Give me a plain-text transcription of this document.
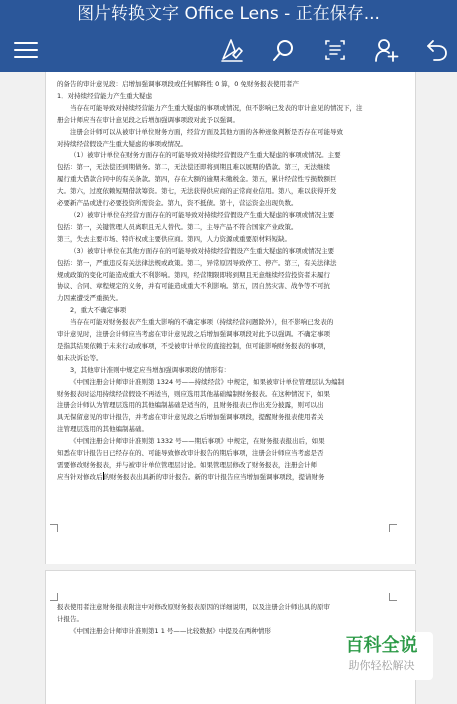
图片转换文字 Office Lens - 正在保存...

的备告的审计意见段：启增加强调事项段或任何解释性 0 算，0 免财务报表使用者产

1．对持续经营能力产生重大疑虑

当存在可能导致对持续经营能力产生重大疑虑的事项或情况，但不影响已发表的审计意见的情况下，注

册会计师应当在审计意见段之后增加强调事项段对此予以强调。

注册会计师可以从被审计单位财务方面，经营方面及其他方面的各种迹象判断是否存在可能导致

对持续经营假设产生重大疑虑的事项或情况。

（1）被审计单位在财务方面存在的可能导致对持续经营假设产生重大疑虑的事项或情况。主要

包括：第一，无法偿还到期债务。第二，无法偿还即将到期且难以展期的借款。第三，无法继续

履行重大借款合同中的有关条款。第四，存在大额的逾期未缴税金。第五，累计经营性亏损数额巨

大。第六，过度依赖短期借款筹资。第七，无法获得供应商的正常商业信用。第八，难以获得开发

必要新产品或进行必要投资所需资金。第九，资不抵债。第十，营运资金出现负数。

（2）被审计单位在经营方面存在的可能导致对持续经营假设产生重大疑虑的事项或情况主要

包括：第一，关键管理人员离职且无人替代。第二，主导产品不符合国家产业政策。

第三，失去主要市场、特许权或主要供应商。第四，人力资源或重要原材料短缺。

（3）被审计单位在其他方面存在的可能导致对持续经营假设产生重大疑虑的事项或情况主要

包括：第一，严重违反有关法律法规或政策。第二，异常原因导致停工、停产。第三，有关法律法

规或政策的变化可能造成重大不利影响。第四，经营期限即将到期且无意继续经营投资者未履行

协议、合同、章程规定的义务，并有可能造成重大不利影响。第五，因自然灾害、战争等不可抗

力因素遭受严重损失。

2，重大不确定事项

当存在可能对财务报表产生重大影响的不确定事项（持续经营问题除外），但不影响已发表的

审计意见时，注册会计师应当考虑在审计意见段之后增加强调事项段对此予以强调。不确定事项

是指其结果依赖于未来行动或事项，不受被审计单位的直接控制，但可能影响财务报表的事项，

如未决诉讼等。

3，其他审计准则中规定应当增加强调事项段的情形有：

《中国注册会计师审计准则第 1324 号——持续经营》中规定，如果被审计单位管理层认为编制

财务报表时运用持续经营假设不再适当，则应选用其他基础编制财务报表。在这种情况下，如果

注册会计师认为管理层选用的其他编制基础是适当的，且财务报表已作出充分披露，则可以出

具无保留意见的审计报告，并考虑在审计意见段之后增加强调事项段，提醒财务报表使用者关

注管理层选用的其他编制基础。

《中国注册会计师审计准则第 1332 号——期后事项》中规定，在财务报表报出后，如果

知悉在审计报告日已经存在的、可能导致修改审计报告的期后事项，注册会计师应当考虑是否

需要修改财务报表，并与被审计单位管理层讨论。如果管理层修改了财务报表，注册会计师

应当针对修改后的财务报表出具新的审计报告。新的审计报告应当增加强调事项段，提请财务

报表使用者注意财务报表附注中对修改原财务报表原因的详细说明，以及注册会计师出具的原审

计报告。

《中国注册会计师审计准则第1 1 号——比较数据》中提及在两种情形

百科全说
助你轻松解决
